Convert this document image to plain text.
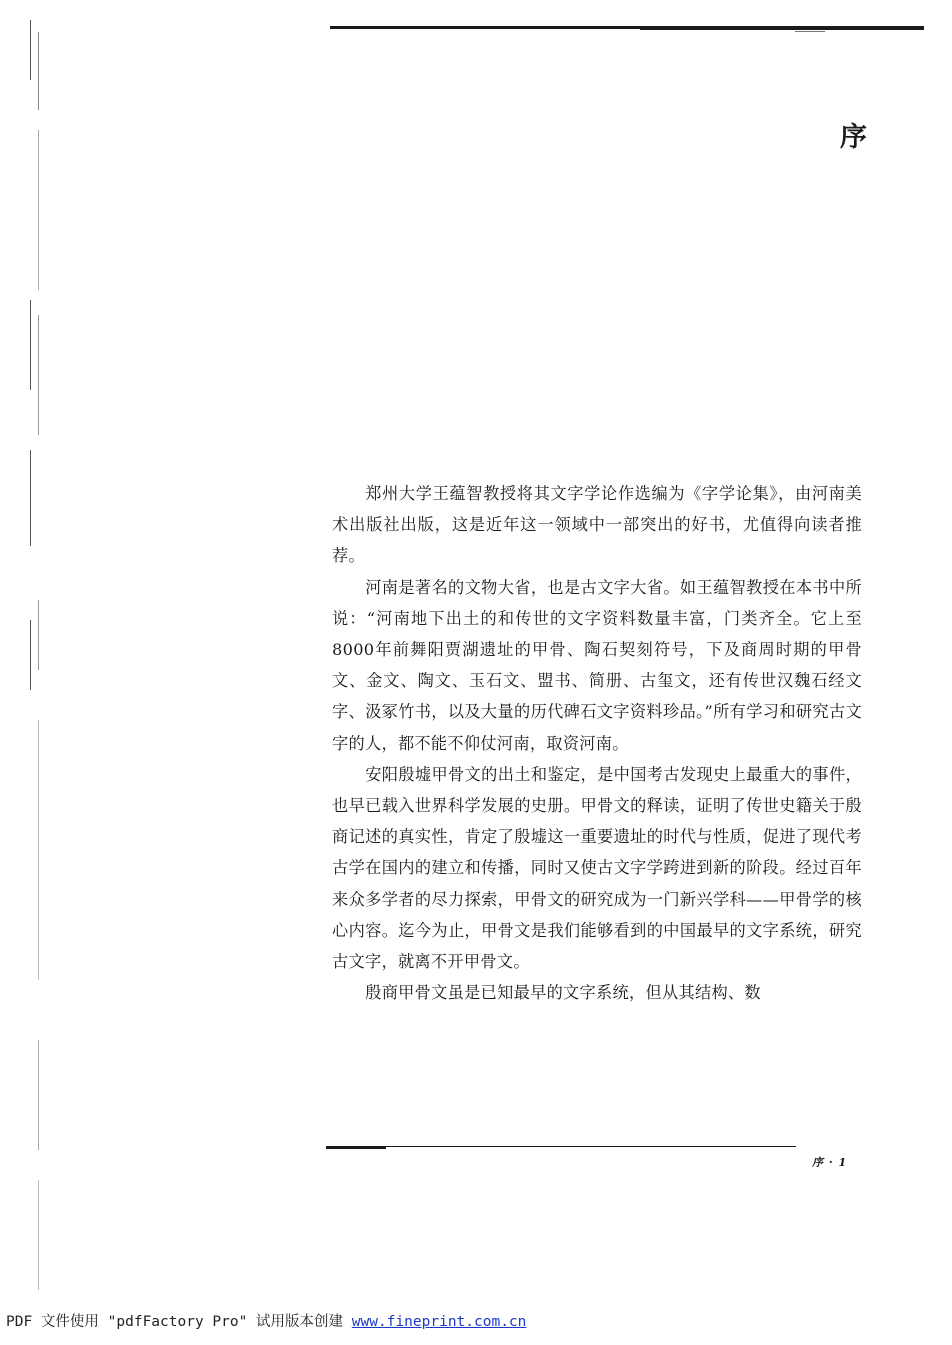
序

郑州大学王蕴智教授将其文字学论作选编为《字学论集》，由河南美术出版社出版，这是近年这一领域中一部突出的好书，尤值得向读者推荐。

河南是著名的文物大省，也是古文字大省。如王蕴智教授在本书中所说：“河南地下出土的和传世的文字资料数量丰富，门类齐全。它上至8000年前舞阳贾湖遗址的甲骨、陶石契刻符号，下及商周时期的甲骨文、金文、陶文、玉石文、盟书、简册、古玺文，还有传世汉魏石经文字、汲冢竹书，以及大量的历代碑石文字资料珍品。”所有学习和研究古文字的人，都不能不仰仗河南，取资河南。

安阳殷墟甲骨文的出土和鉴定，是中国考古发现史上最重大的事件，也早已载入世界科学发展的史册。甲骨文的释读，证明了传世史籍关于殷商记述的真实性，肯定了殷墟这一重要遗址的时代与性质，促进了现代考古学在国内的建立和传播，同时又使古文字学跨进到新的阶段。经过百年来众多学者的尽力探索，甲骨文的研究成为一门新兴学科——甲骨学的核心内容。迄今为止，甲骨文是我们能够看到的中国最早的文字系统，研究古文字，就离不开甲骨文。

殷商甲骨文虽是已知最早的文字系统，但从其结构、数

序 · 1
PDF 文件使用 "pdfFactory Pro" 试用版本创建 www.fineprint.com.cn
